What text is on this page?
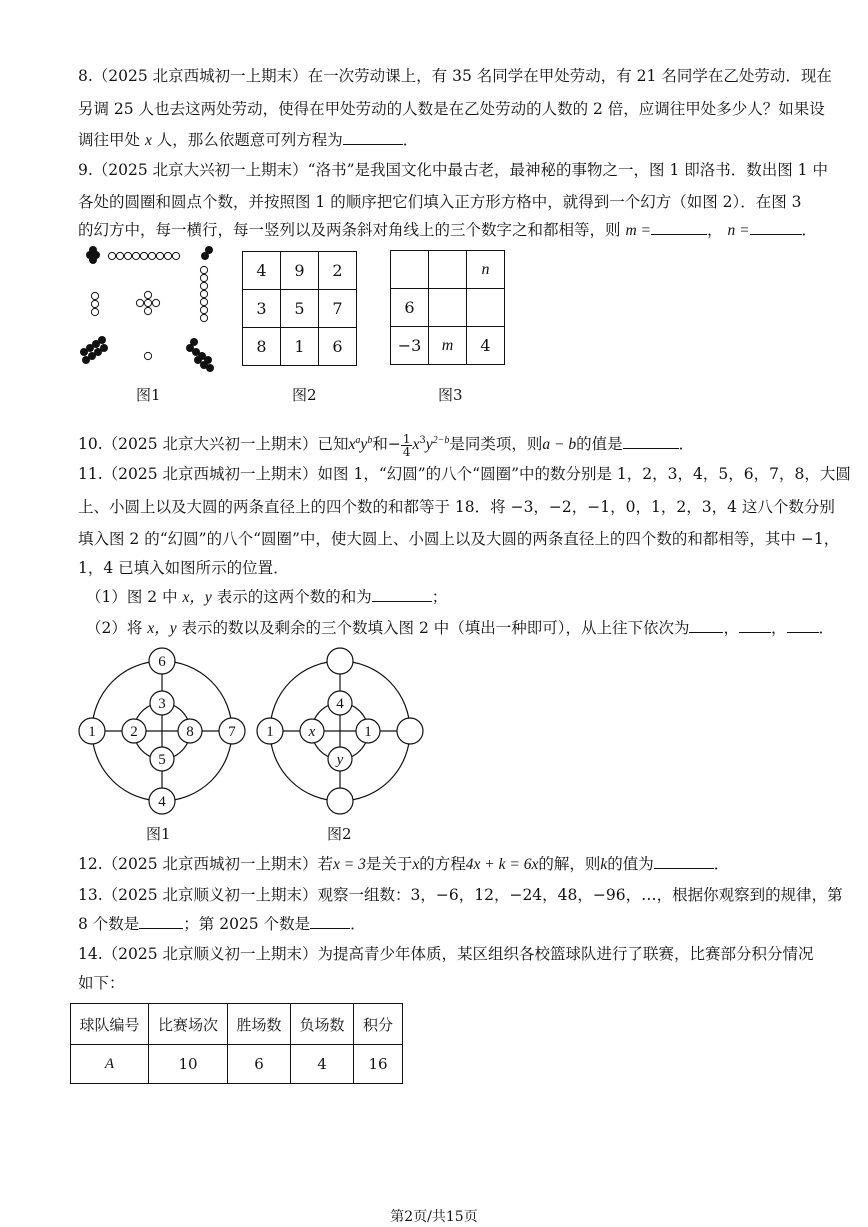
8.（2025 北京西城初一上期末）在一次劳动课上，有 35 名同学在甲处劳动，有 21 名同学在乙处劳动．现在
另调 25 人也去这两处劳动，使得在甲处劳动的人数是在乙处劳动的人数的 2 倍，应调往甲处多少人？如果设
调往甲处 x 人，那么依题意可列方程为	．
9.（2025 北京大兴初一上期末）“洛书”是我国文化中最古老，最神秘的事物之一，图 1 即洛书．数出图 1 中
各处的圆圈和圆点个数，并按照图 1 的顺序把它们填入正方形方格中，就得到一个幻方（如图 2）．在图 3
的幻方中，每一横行，每一竖列以及两条斜对角线上的三个数字之和都相等，则 m =	， n =	．
图1
4	9	2
3	5	7
8	1	6
图2
		n
6		
−3	m	4
图3
10.（2025 北京大兴初一上期末）已知$x^ay^b$和− $\frac{1}{4} x^3y^{2-b}$是同类项，则a − b的值是	．
11.（2025 北京西城初一上期末）如图 1，“幻圆”的八个“圆圈”中的数分别是 1，2，3，4，5，6，7，8，大圆
上、小圆上以及大圆的两条直径上的四个数的和都等于 18．将 −3，−2，−1，0，1，2，3，4 这八个数分别
填入图 2 的“幻圆”的八个“圆圈”中，使大圆上、小圆上以及大圆的两条直径上的四个数的和都相等，其中 −1，
1，4 已填入如图所示的位置．
（1）图 2 中 x，y 表示的这两个数的和为	；
（2）将 x，y 表示的数以及剩余的三个数填入图 2 中（填出一种即可），从上往下依次为 ， ， ．
6
3
1 2	8 7
5
4
图1
4
1 x	1
y
图2
12.（2025 北京西城初一上期末）若x = 3是关于x的方程4x + k = 6x的解，则k的值为	．
13.（2025 北京顺义初一上期末）观察一组数：3，−6，12，−24，48，−96，…，根据你观察到的规律，第
8 个数是	；第 2025 个数是	．
14.（2025 北京顺义初一上期末）为提高青少年体质，某区组织各校篮球队进行了联赛，比赛部分积分情况
如下：
球队编号	比赛场次	胜场数	负场数	积分
A	10	6	4	16
第2页/共15页
